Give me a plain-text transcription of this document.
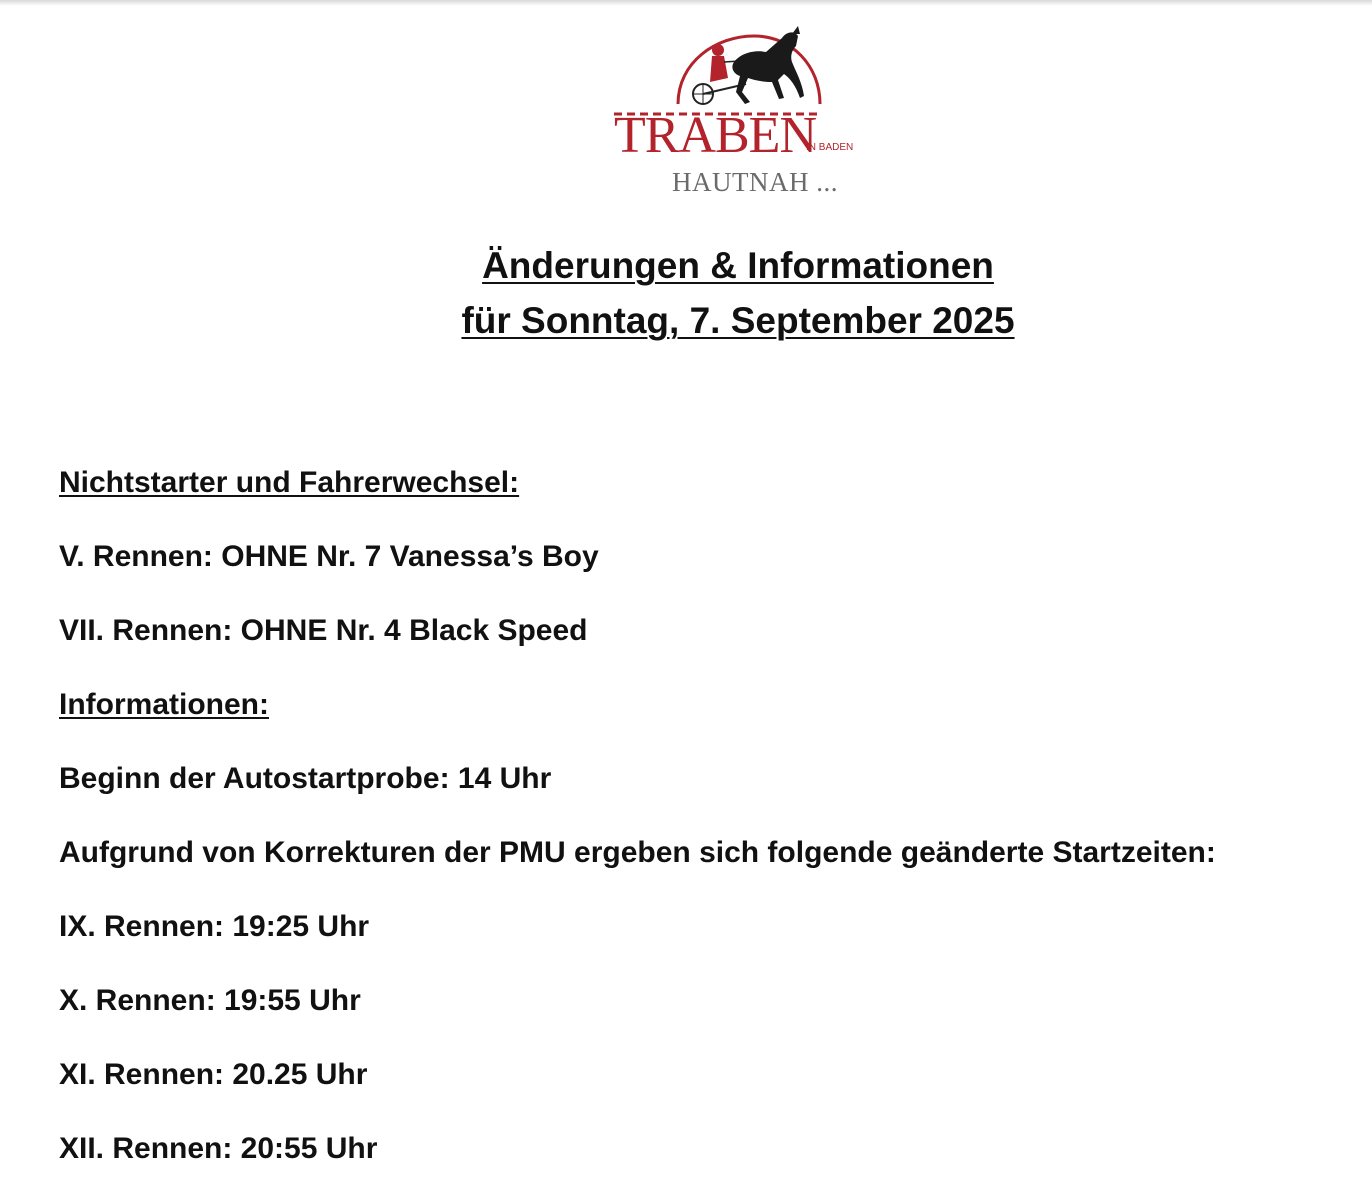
TRABEN
IN BADEN
HAUTNAH ...
Änderungen & Informationen
für Sonntag, 7. September 2025
Nichtstarter und Fahrerwechsel:
V. Rennen: OHNE Nr. 7 Vanessa’s Boy
VII. Rennen: OHNE Nr. 4 Black Speed
Informationen:
Beginn der Autostartprobe: 14 Uhr
Aufgrund von Korrekturen der PMU ergeben sich folgende geänderte Startzeiten:
IX. Rennen: 19:25 Uhr
X. Rennen: 19:55 Uhr
XI. Rennen: 20.25 Uhr
XII. Rennen: 20:55 Uhr
